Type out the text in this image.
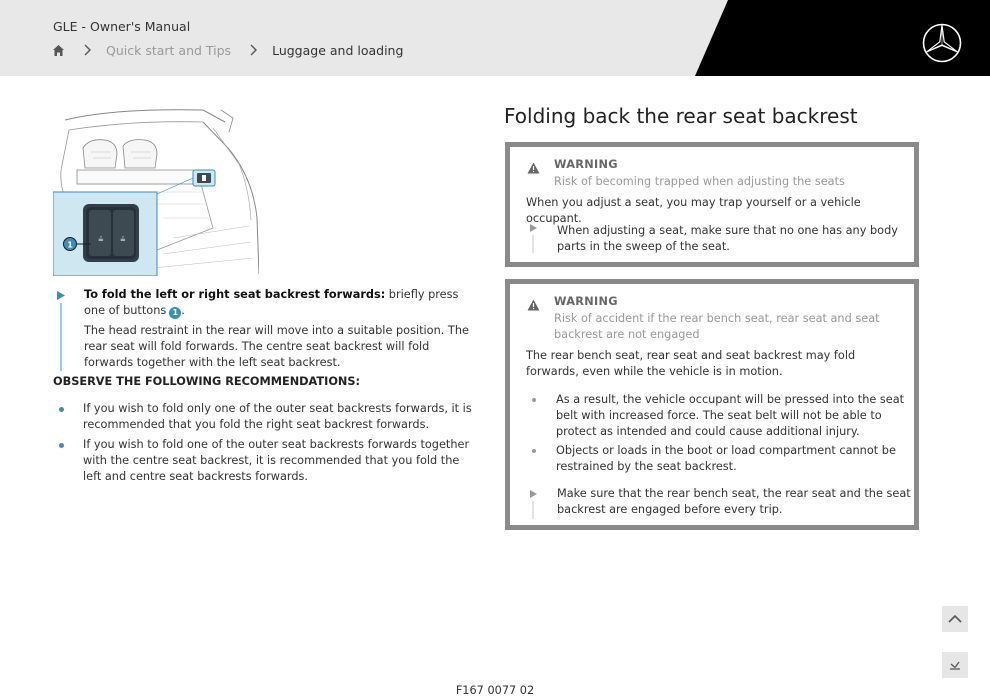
GLE - Owner's Manual
Quick start and Tips	Luggage and loading
≟ ≟
1
To fold the left or right seat backrest forwards: briefly press one of buttons 1 .
The head restraint in the rear will move into a suitable position. The rear seat will fold forwards. The centre seat backrest will fold forwards together with the left seat backrest.
OBSERVE THE FOLLOWING RECOMMENDATIONS:
If you wish to fold only one of the outer seat backrests forwards, it is recommended that you fold the right seat backrest forwards.
If you wish to fold one of the outer seat backrests forwards together with the centre seat backrest, it is recommended that you fold the left and centre seat backrests forwards.
Folding back the rear seat backrest
WARNING
Risk of becoming trapped when adjusting the seats
When you adjust a seat, you may trap yourself or a vehicle occupant.
When adjusting a seat, make sure that no one has any body parts in the sweep of the seat.
WARNING
Risk of accident if the rear bench seat, rear seat and seat backrest are not engaged
The rear bench seat, rear seat and seat backrest may fold forwards, even while the vehicle is in motion.
As a result, the vehicle occupant will be pressed into the seat belt with increased force. The seat belt will not be able to protect as intended and could cause additional injury.
Objects or loads in the boot or load compartment cannot be restrained by the seat backrest.
Make sure that the rear bench seat, the rear seat and the seat backrest are engaged before every trip.
F167 0077 02
